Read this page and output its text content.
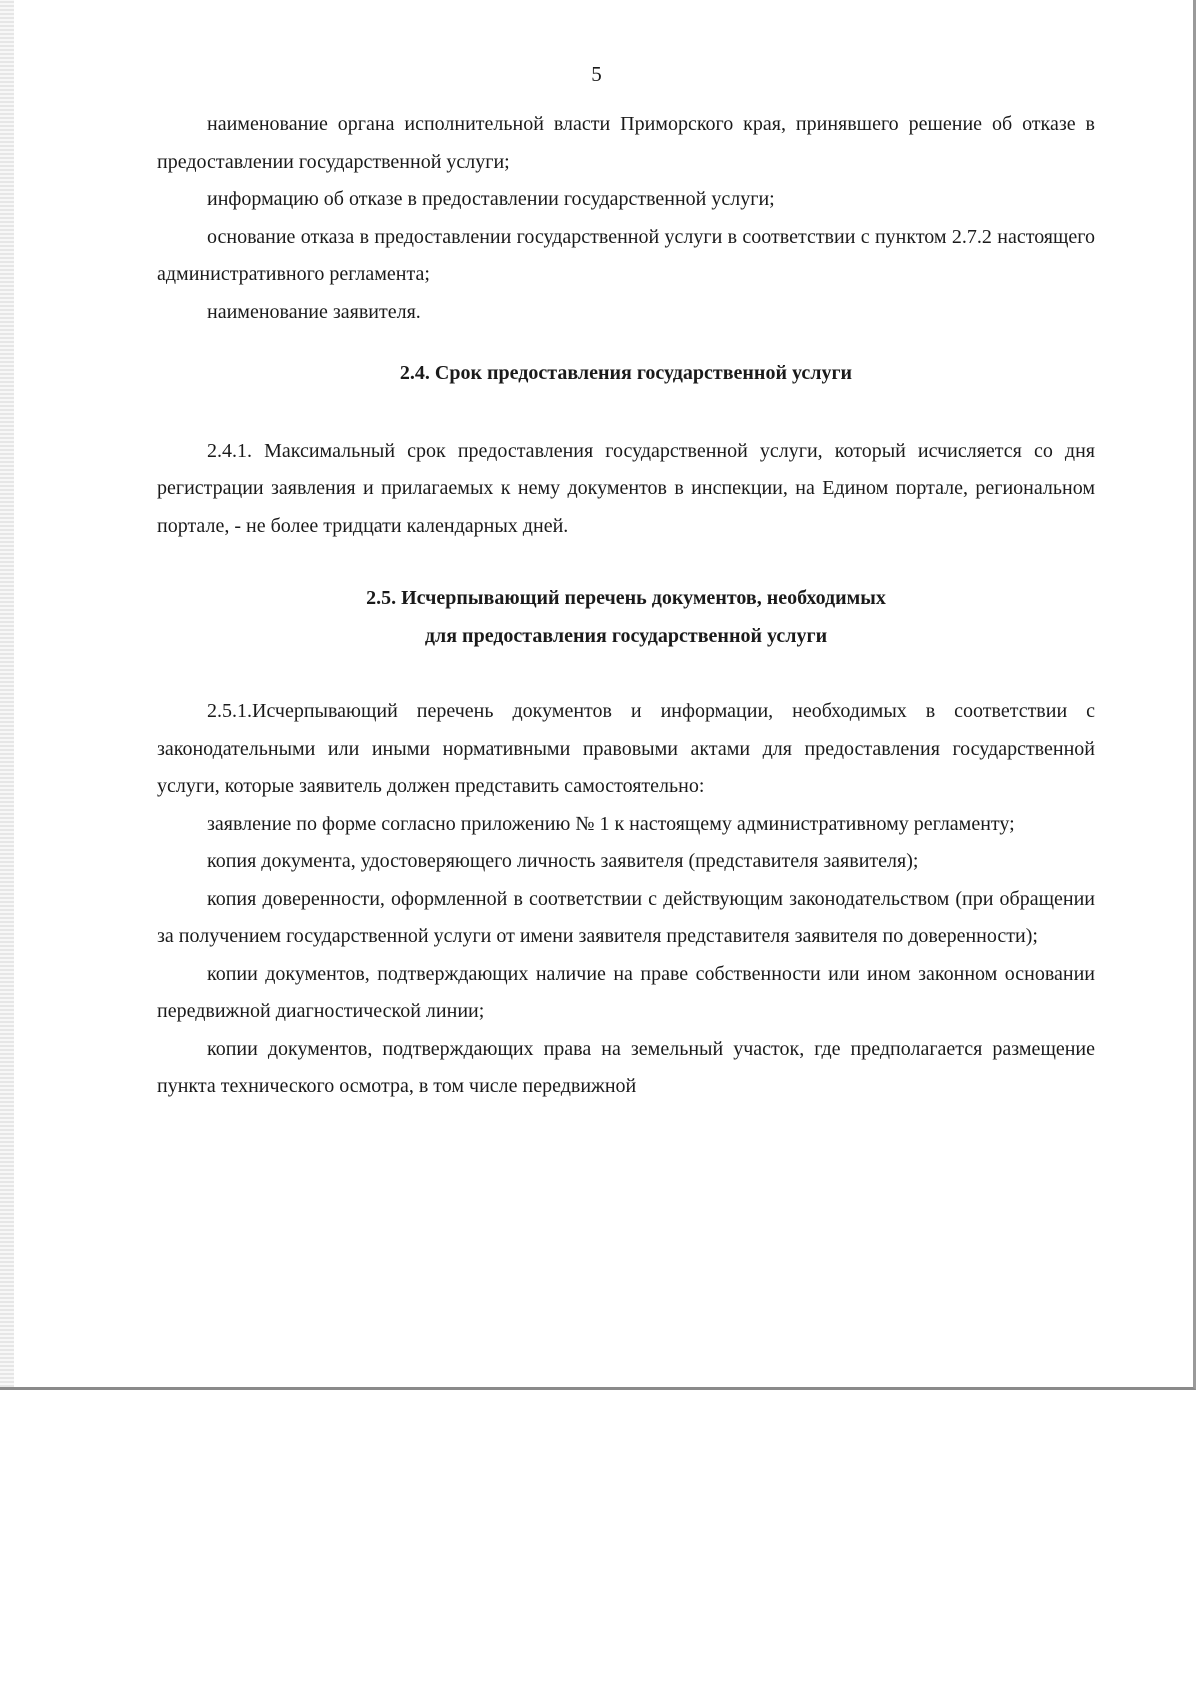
5

наименование органа исполнительной власти Приморского края, принявшего решение об отказе в предоставлении государственной услуги;

информацию об отказе в предоставлении государственной услуги;

основание отказа в предоставлении государственной услуги в соответствии с пунктом 2.7.2 настоящего административного регламента;

наименование заявителя.

2.4. Срок предоставления государственной услуги

2.4.1. Максимальный срок предоставления государственной услуги, который исчисляется со дня регистрации заявления и прилагаемых к нему документов в инспекции, на Едином портале, региональном портале, - не более тридцати календарных дней.

2.5. Исчерпывающий перечень документов, необходимых
для предоставления государственной услуги

2.5.1.Исчерпывающий перечень документов и информации, необходимых в соответствии с законодательными или иными нормативными правовыми актами для предоставления государственной услуги, которые заявитель должен представить самостоятельно:

заявление по форме согласно приложению № 1 к настоящему административному регламенту;

копия документа, удостоверяющего личность заявителя (представителя заявителя);

копия доверенности, оформленной в соответствии с действующим законодательством (при обращении за получением государственной услуги от имени заявителя представителя заявителя по доверенности);

копии документов, подтверждающих наличие на праве собственности или ином законном основании передвижной диагностической линии;

копии документов, подтверждающих права на земельный участок, где предполагается размещение пункта технического осмотра, в том числе передвижной
